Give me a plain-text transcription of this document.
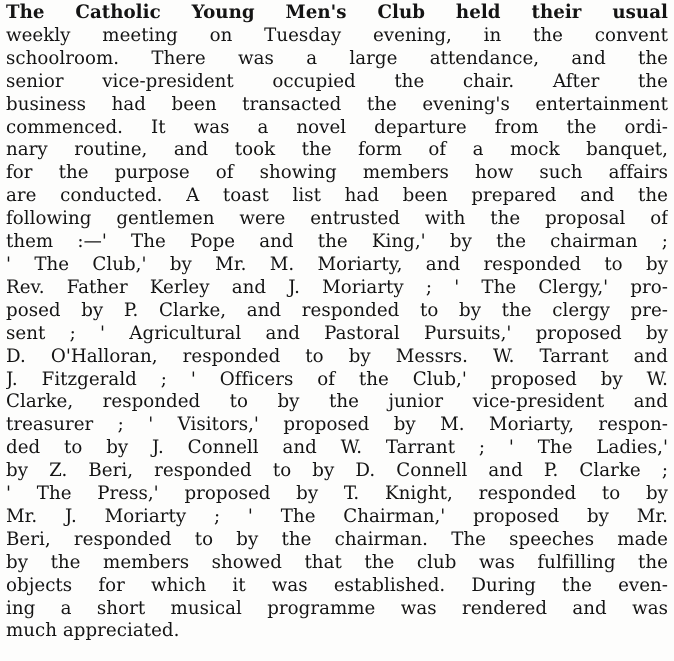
The Catholic Young Men's Club held their usual
weekly meeting on Tuesday evening, in the convent
schoolroom. There was a large attendance, and the
senior vice-president occupied the chair. After the
business had been transacted the evening's entertainment
commenced. It was a novel departure from the ordi-
nary routine, and took the form of a mock banquet,
for the purpose of showing members how such affairs
are conducted. A toast list had been prepared and the
following gentlemen were entrusted with the proposal of
them :—' The Pope and the King,' by the chairman ;
' The Club,' by Mr. M. Moriarty, and responded to by
Rev. Father Kerley and J. Moriarty ; ' The Clergy,' pro-
posed by P. Clarke, and responded to by the clergy pre-
sent ; ' Agricultural and Pastoral Pursuits,' proposed by
D. O'Halloran, responded to by Messrs. W. Tarrant and
J. Fitzgerald ; ' Officers of the Club,' proposed by W.
Clarke, responded to by the junior vice-president and
treasurer ; ' Visitors,' proposed by M. Moriarty, respon-
ded to by J. Connell and W. Tarrant ; ' The Ladies,'
by Z. Beri, responded to by D. Connell and P. Clarke ;
' The Press,' proposed by T. Knight, responded to by
Mr. J. Moriarty ; ' The Chairman,' proposed by Mr.
Beri, responded to by the chairman. The speeches made
by the members showed that the club was fulfilling the
objects for which it was established. During the even-
ing a short musical programme was rendered and was
much appreciated.
